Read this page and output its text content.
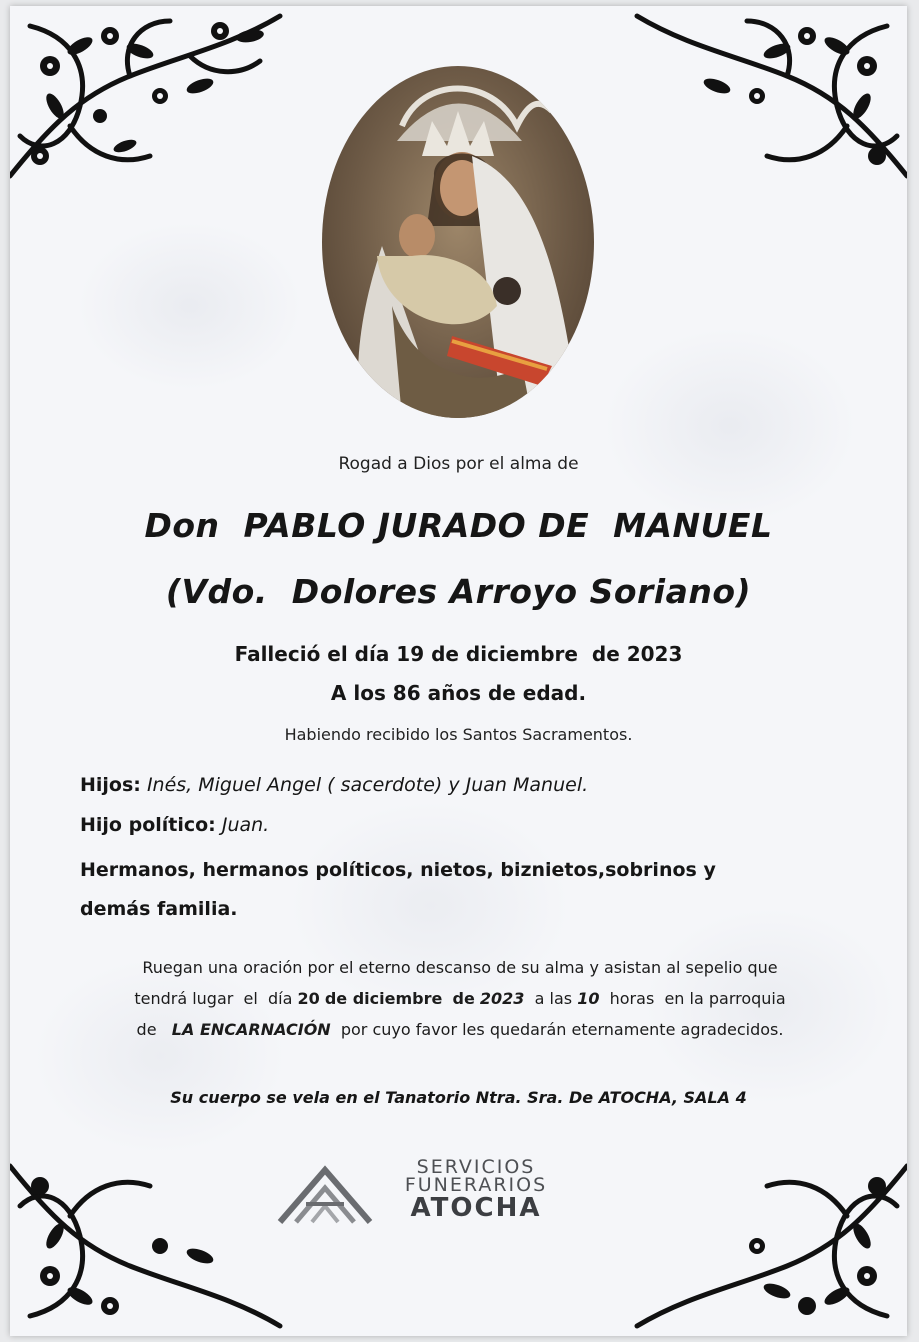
Rogad a Dios por el alma de
Don  PABLO JURADO DE  MANUEL
(Vdo.  Dolores Arroyo Soriano)
Falleció el día 19 de diciembre  de 2023
A los 86 años de edad.
Habiendo recibido los Santos Sacramentos.
Hijos: Inés, Miguel Angel ( sacerdote) y Juan Manuel.
Hijo político: Juan.
Hermanos, hermanos políticos, nietos, biznietos,sobrinos y
demás familia.
Ruegan una oración por el eterno descanso de su alma y asistan al sepelio que
tendrá lugar  el  día 20 de diciembre de 2023 a las 10 horas  en la parroquia
de LA ENCARNACIÓN por cuyo favor les quedarán eternamente agradecidos.
Su cuerpo se vela en el Tanatorio Ntra. Sra. De ATOCHA, SALA 4
SERVICIOS
FUNERARIOS
ATOCHA
